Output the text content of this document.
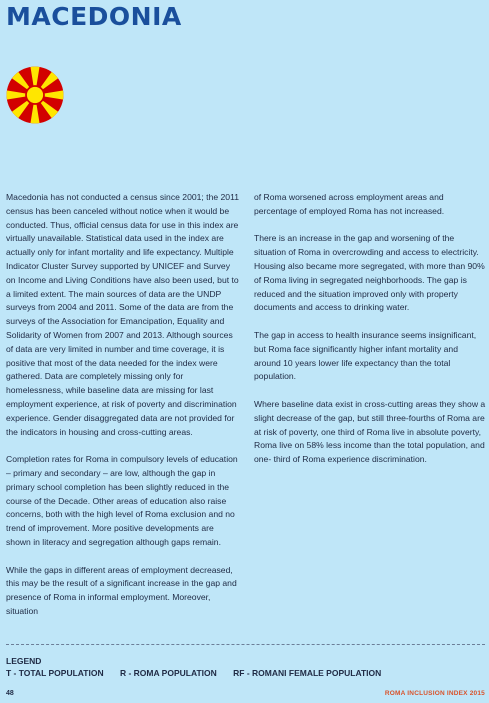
MACEDONIA

Macedonia has not conducted a census since 2001; the 2011 census has been canceled without notice when it would be conducted. Thus, official census data for use in this index are virtually unavailable. Statistical data used in the index are actually only for infant mortality and life expectancy. Multiple Indicator Cluster Survey supported by UNICEF and Survey on Income and Living Conditions have also been used, but to a limited extent. The main sources of data are the UNDP surveys from 2004 and 2011. Some of the data are from the surveys of the Association for Emancipation, Equality and Solidarity of Women from 2007 and 2013. Although sources of data are very limited in number and time coverage, it is positive that most of the data needed for the index were gathered. Data are completely missing only for homelessness, while baseline data are missing for last employment experience, at risk of poverty and discrimination experience. Gender disaggregated data are not provided for the indicators in housing and cross-cutting areas.

Completion rates for Roma in compulsory levels of education – primary and secondary – are low, although the gap in primary school completion has been slightly reduced in the course of the Decade. Other areas of education also raise concerns, both with the high level of Roma exclusion and no trend of improvement. More positive developments are shown in literacy and segregation although gaps remain.

While the gaps in different areas of employment decreased, this may be the result of a significant increase in the gap and presence of Roma in informal employment. Moreover, situation

of Roma worsened across employment areas and percentage of employed Roma has not increased.

There is an increase in the gap and worsening of the situation of Roma in overcrowding and access to electricity. Housing also became more segregated, with more than 90% of Roma living in segregated neighborhoods. The gap is reduced and the situation improved only with property documents and access to drinking water.

The gap in access to health insurance seems insignificant, but Roma face significantly higher infant mortality and around 10 years lower life expectancy than the total population.

Where baseline data exist in cross-cutting areas they show a slight decrease of the gap, but still three-fourths of Roma are at risk of poverty, one third of Roma live in absolute poverty, Roma live on 58% less income than the total population, and one- third of Roma experience discrimination.

LEGEND
T - TOTAL POPULATION R - ROMA POPULATION RF - ROMANI FEMALE POPULATION
48	ROMA INCLUSION INDEX 2015
